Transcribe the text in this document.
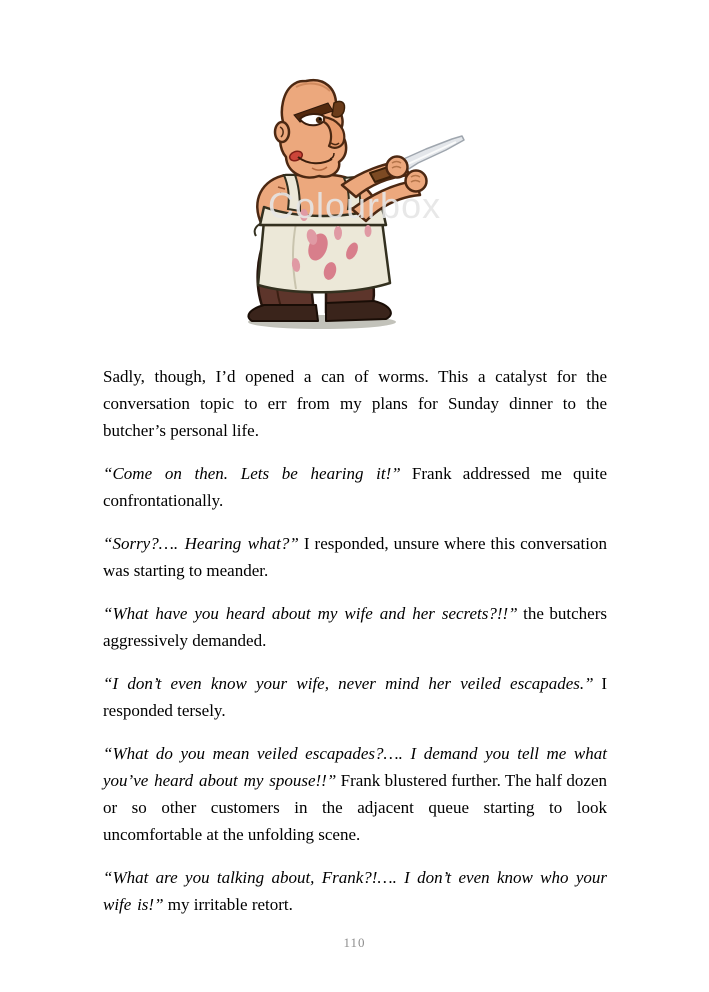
Colourbox

Sadly, though, I’d opened a can of worms. This a catalyst for the conversation topic to err from my plans for Sunday dinner to the butcher’s personal life.

“Come on then. Lets be hearing it!” Frank addressed me quite confrontationally.

“Sorry?…. Hearing what?” I responded, unsure where this conversation was starting to meander.

“What have you heard about my wife and her secrets?!!” the butchers aggressively demanded.

“I don’t even know your wife, never mind her veiled escapades.” I responded tersely.

“What do you mean veiled escapades?…. I demand you tell me what you’ve heard about my spouse!!” Frank blustered further. The half dozen or so other customers in the adjacent queue starting to look uncomfortable at the unfolding scene.

“What are you talking about, Frank?!…. I don’t even know who your wife is!” my irritable retort.

110
